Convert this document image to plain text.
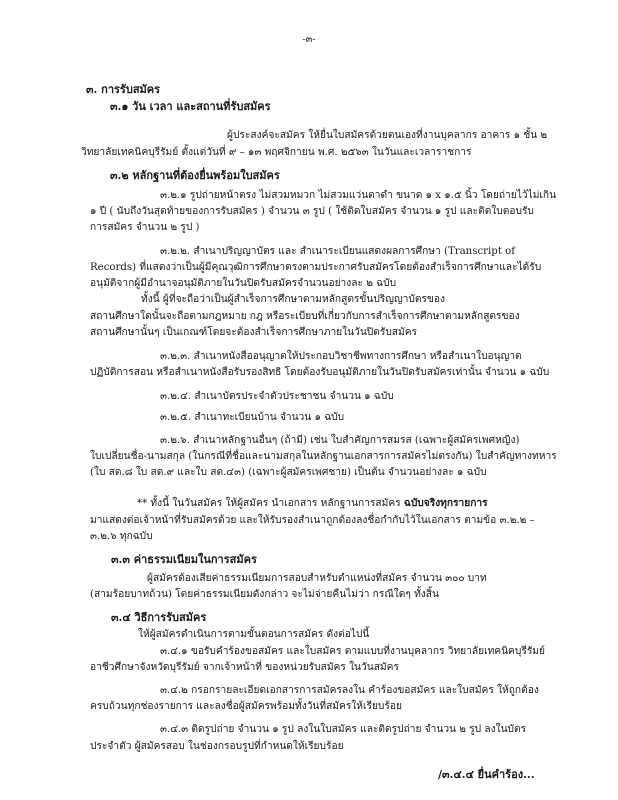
-๓-
๓. การรับสมัคร
๓.๑ วัน เวลา และสถานที่รับสมัคร
ผู้ประสงค์จะสมัคร ให้ยื่นใบสมัครด้วยตนเองที่งานบุคลากร อาคาร ๑ ชั้น ๒
วิทยาลัยเทคนิคบุรีรัมย์ ตั้งแต่วันที่ ๙ – ๑๓ พฤศจิกายน พ.ศ. ๒๕๖๓ ในวันและเวลาราชการ
๓.๒ หลักฐานที่ต้องยื่นพร้อมใบสมัคร
๓.๒.๑ รูปถ่ายหน้าตรง ไม่สวมหมวก ไม่สวมแว่นตาดำ ขนาด ๑ x ๑.๕ นิ้ว โดยถ่ายไว้ไม่เกิน
๑ ปี ( นับถึงวันสุดท้ายของการรับสมัคร ) จำนวน ๓ รูป ( ใช้ติดใบสมัคร จำนวน ๑ รูป และติดใบตอบรับ
การสมัคร จำนวน ๒ รูป )
๓.๒.๒. สำเนาปริญญาบัตร และ สำเนาระเบียนแสดงผลการศึกษา (Transcript of
Records) ที่แสดงว่าเป็นผู้มีคุณวุฒิการศึกษาตรงตามประกาศรับสมัครโดยต้องสำเร็จการศึกษาและได้รับ
อนุมัติจากผู้มีอำนาจอนุมัติภายในวันปิดรับสมัครจำนวนอย่างละ ๒ ฉบับ
ทั้งนี้ ผู้ที่จะถือว่าเป็นผู้สำเร็จการศึกษาตามหลักสูตรขั้นปริญญาบัตรของ
สถานศึกษาใดนั้นจะถือตามกฎหมาย กฎ หรือระเบียบที่เกี่ยวกับการสำเร็จการศึกษาตามหลักสูตรของ
สถานศึกษานั้นๆ เป็นเกณฑ์โดยจะต้องสำเร็จการศึกษาภายในวันปิดรับสมัคร
๓.๒.๓. สำเนาหนังสืออนุญาตให้ประกอบวิชาชีพทางการศึกษา หรือสำเนาใบอนุญาต
ปฏิบัติการสอน หรือสำเนาหนังสือรับรองสิทธิ โดยต้องรับอนุมัติภายในวันปิดรับสมัครเท่านั้น จำนวน ๑ ฉบับ
๓.๒.๔. สำเนาบัตรประจำตัวประชาชน จำนวน ๑ ฉบับ
๓.๒.๕. สำเนาทะเบียนบ้าน จำนวน ๑ ฉบับ
๓.๒.๖. สำเนาหลักฐานอื่นๆ (ถ้ามี) เช่น ใบสำคัญการสมรส (เฉพาะผู้สมัครเพศหญิง)
ใบเปลี่ยนชื่อ-นามสกุล (ในกรณีที่ชื่อและนามสกุลในหลักฐานเอกสารการสมัครไม่ตรงกัน) ใบสำคัญทางทหาร
(ใบ สด.๘ ใบ สด.๙ และใบ สด.๔๓) (เฉพาะผู้สมัครเพศชาย) เป็นต้น จำนวนอย่างละ ๑ ฉบับ
** ทั้งนี้ ในวันสมัคร ให้ผู้สมัคร นำเอกสาร หลักฐานการสมัคร ฉบับจริงทุกรายการ
มาแสดงต่อเจ้าหน้าที่รับสมัครด้วย และให้รับรองสำเนาถูกต้องลงชื่อกำกับไว้ในเอกสาร ตามข้อ ๓.๒.๒ –
๓.๒.๖ ทุกฉบับ
๓.๓ ค่าธรรมเนียมในการสมัคร
ผู้สมัครต้องเสียค่าธรรมเนียมการสอบสำหรับตำแหน่งที่สมัคร จำนวน ๓๐๐ บาท
(สามร้อยบาทถ้วน) โดยค่าธรรมเนียมดังกล่าว จะไม่จ่ายคืนไม่ว่า กรณีใดๆ ทั้งสิ้น
๓.๔ วิธีการรับสมัคร
ให้ผู้สมัครดำเนินการตามขั้นตอนการสมัคร ดังต่อไปนี้
๓.๔.๑ ขอรับคำร้องขอสมัคร และใบสมัคร ตามแบบที่งานบุคลากร วิทยาลัยเทคนิคบุรีรัมย์
อาชีวศึกษาจังหวัดบุรีรัมย์ จากเจ้าหน้าที่ ของหน่วยรับสมัคร ในวันสมัคร
๓.๔.๒ กรอกรายละเอียดเอกสารการสมัครลงใน คำร้องขอสมัคร และใบสมัคร ให้ถูกต้อง
ครบถ้วนทุกช่องรายการ และลงชื่อผู้สมัครพร้อมทั้งวันที่สมัครให้เรียบร้อย
๓.๔.๓ ติดรูปถ่าย จำนวน ๑ รูป ลงในใบสมัคร และติดรูปถ่าย จำนวน ๒ รูป ลงในบัตร
ประจำตัว ผู้สมัครสอบ ในช่องกรอบรูปที่กำหนดให้เรียบร้อย
/๓.๔.๔ ยื่นคำร้อง...
